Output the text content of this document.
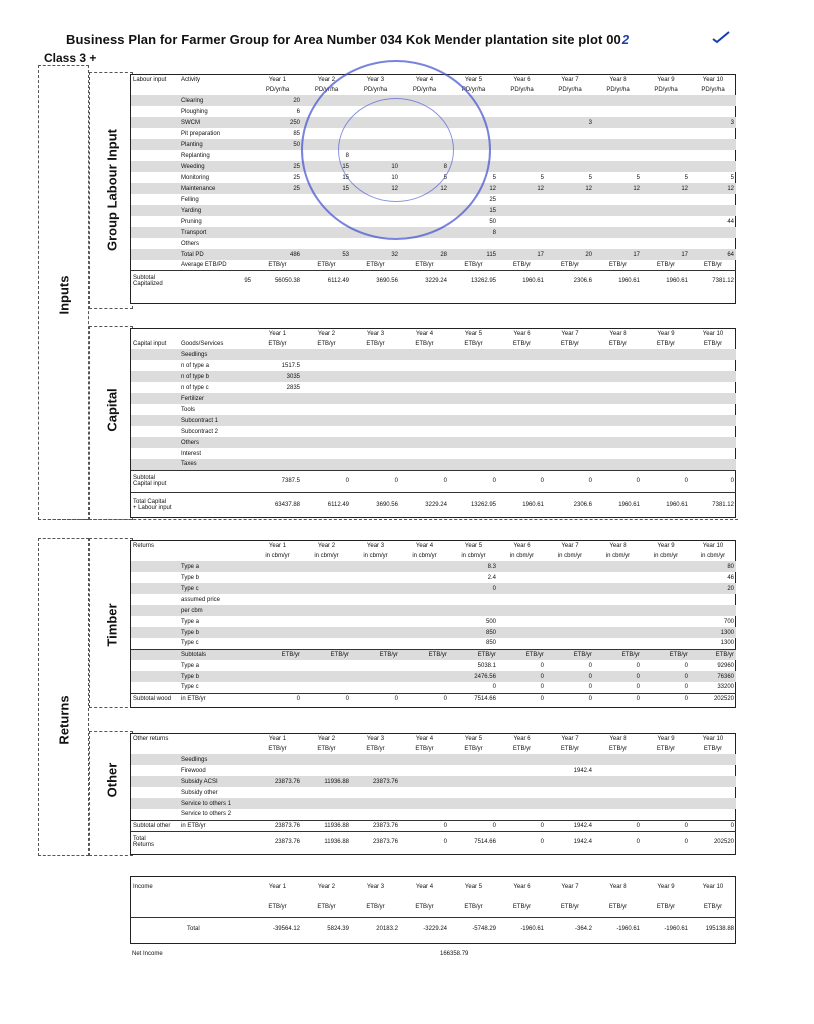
Business Plan for Farmer Group for Area Number 034 Kok Mender plantation site plot 002
Class 3 +
Inputs
Group Labour Input
Capital
Returns
Timber
Other
Labour input	Activity	Year 1	Year 2	Year 3	Year 4	Year 5	Year 6	Year 7	Year 8	Year 9	Year 10
		PD/yr/ha	PD/yr/ha	PD/yr/ha	PD/yr/ha	PD/yr/ha	PD/yr/ha	PD/yr/ha	PD/yr/ha	PD/yr/ha	PD/yr/ha
	Clearing	20									
	Ploughing	6									
	SWCM	250						3			3
	Pit preparation	85									
	Planting	50									
	Replanting		8								
	Weeding	25	15	10	8						
	Monitoring	25	15	10	5	5	5	5	5	5	5
	Maintenance	25	15	12	12	12	12	12	12	12	12
	Felling					25					
	Yarding					15					
	Pruning					50					44
	Transport					8					
	Others										
	Total PD	486	53	32	28	115	17	20	17	17	64
	Average ETB/PD	ETB/yr	ETB/yr	ETB/yr	ETB/yr	ETB/yr	ETB/yr	ETB/yr	ETB/yr	ETB/yr	ETB/yr

Subtotal
Capitalized	95	56050.38	6112.49	3690.56	3229.24	13262.95	1960.61	2306.6	1960.61	1960.61	7381.12
		Year 1	Year 2	Year 3	Year 4	Year 5	Year 6	Year 7	Year 8	Year 9	Year 10
Capital input	Goods/Services	ETB/yr	ETB/yr	ETB/yr	ETB/yr	ETB/yr	ETB/yr	ETB/yr	ETB/yr	ETB/yr	ETB/yr
	Seedlings										
	n of type a	1517.5									
	n of type b	3035									
	n of type c	2835									
	Fertilizer										
	Tools										
	Subcontract 1										
	Subcontract 2										
	Others										
	Interest										
	Taxes										

Subtotal
Capital input		7387.5	0	0	0	0	0	0	0	0	0

Total Capital
+ Labour input		63437.88	6112.49	3690.56	3229.24	13262.95	1960.61	2306.6	1960.61	1960.61	7381.12
Returns		Year 1	Year 2	Year 3	Year 4	Year 5	Year 6	Year 7	Year 8	Year 9	Year 10
		in cbm/yr	in cbm/yr	in cbm/yr	in cbm/yr	in cbm/yr	in cbm/yr	in cbm/yr	in cbm/yr	in cbm/yr	in cbm/yr
	Type a					8.3					80
	Type b					2.4					46
	Type c					0					20
	assumed price										
	per cbm										
	Type a					500					700
	Type b					850					1300
	Type c					850					1300
	Subtotals	ETB/yr	ETB/yr	ETB/yr	ETB/yr	ETB/yr	ETB/yr	ETB/yr	ETB/yr	ETB/yr	ETB/yr
	Type a					5038.1	0	0	0	0	92960
	Type b					2476.56	0	0	0	0	76360
	Type c					0	0	0	0	0	33200
Subtotal wood	in ETB/yr	0	0	0	0	7514.66	0	0	0	0	202520
Other returns		Year 1	Year 2	Year 3	Year 4	Year 5	Year 6	Year 7	Year 8	Year 9	Year 10
		ETB/yr	ETB/yr	ETB/yr	ETB/yr	ETB/yr	ETB/yr	ETB/yr	ETB/yr	ETB/yr	ETB/yr
	Seedlings										
	Firewood							1942.4			
	Subsidy ACSI	23873.76	11936.88	23873.76							
	Subsidy other										
	Service to others 1										
	Service to others 2										
Subtotal other	in ETB/yr	23873.76	11936.88	23873.76	0	0	0	1942.4	0	0	0

Total
Returns		23873.76	11936.88	23873.76	0	7514.66	0	1942.4	0	0	202520
Income		Year 1	Year 2	Year 3	Year 4	Year 5	Year 6	Year 7	Year 8	Year 9	Year 10
		ETB/yr	ETB/yr	ETB/yr	ETB/yr	ETB/yr	ETB/yr	ETB/yr	ETB/yr	ETB/yr	ETB/yr

Total		-39564.12	5824.39	20183.2	-3229.24	-5748.29	-1960.61	-364.2	-1960.61	-1960.61	195138.88
Net Income	166358.79
